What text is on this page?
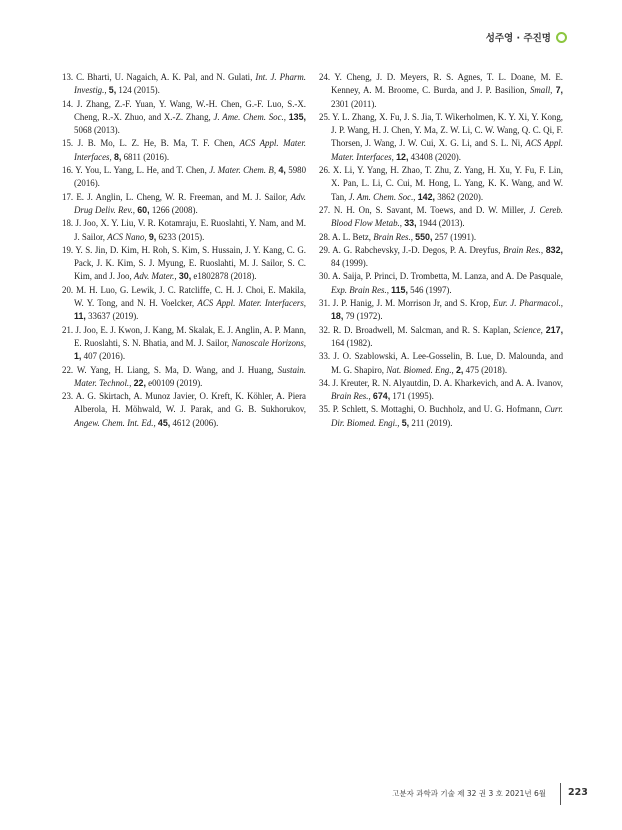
성주영 · 주진명
13. C. Bharti, U. Nagaich, A. K. Pal, and N. Gulati, Int. J. Pharm. Investig., 5, 124 (2015).
14. J. Zhang, Z.-F. Yuan, Y. Wang, W.-H. Chen, G.-F. Luo, S.-X. Cheng, R.-X. Zhuo, and X.-Z. Zhang, J. Ame. Chem. Soc., 135, 5068 (2013).
15. J. B. Mo, L. Z. He, B. Ma, T. F. Chen, ACS Appl. Mater. Interfaces, 8, 6811 (2016).
16. Y. You, L. Yang, L. He, and T. Chen, J. Mater. Chem. B, 4, 5980 (2016).
17. E. J. Anglin, L. Cheng, W. R. Freeman, and M. J. Sailor, Adv. Drug Deliv. Rev., 60, 1266 (2008).
18. J. Joo, X. Y. Liu, V. R. Kotamraju, E. Ruoslahti, Y. Nam, and M. J. Sailor, ACS Nano, 9, 6233 (2015).
19. Y. S. Jin, D. Kim, H. Roh, S. Kim, S. Hussain, J. Y. Kang, C. G. Pack, J. K. Kim, S. J. Myung, E. Ruoslahti, M. J. Sailor, S. C. Kim, and J. Joo, Adv. Mater., 30, e1802878 (2018).
20. M. H. Luo, G. Lewik, J. C. Ratcliffe, C. H. J. Choi, E. Makila, W. Y. Tong, and N. H. Voelcker, ACS Appl. Mater. Interfacers, 11, 33637 (2019).
21. J. Joo, E. J. Kwon, J. Kang, M. Skalak, E. J. Anglin, A. P. Mann, E. Ruoslahti, S. N. Bhatia, and M. J. Sailor, Nanoscale Horizons, 1, 407 (2016).
22. W. Yang, H. Liang, S. Ma, D. Wang, and J. Huang, Sustain. Mater. Technol., 22, e00109 (2019).
23. A. G. Skirtach, A. Munoz Javier, O. Kreft, K. Köhler, A. Piera Alberola, H. Möhwald, W. J. Parak, and G. B. Sukhorukov, Angew. Chem. Int. Ed., 45, 4612 (2006).
24. Y. Cheng, J. D. Meyers, R. S. Agnes, T. L. Doane, M. E. Kenney, A. M. Broome, C. Burda, and J. P. Basilion, Small, 7, 2301 (2011).
25. Y. L. Zhang, X. Fu, J. S. Jia, T. Wikerholmen, K. Y. Xi, Y. Kong, J. P. Wang, H. J. Chen, Y. Ma, Z. W. Li, C. W. Wang, Q. C. Qi, F. Thorsen, J. Wang, J. W. Cui, X. G. Li, and S. L. Ni, ACS Appl. Mater. Interfaces, 12, 43408 (2020).
26. X. Li, Y. Yang, H. Zhao, T. Zhu, Z. Yang, H. Xu, Y. Fu, F. Lin, X. Pan, L. Li, C. Cui, M. Hong, L. Yang, K. K. Wang, and W. Tan, J. Am. Chem. Soc., 142, 3862 (2020).
27. N. H. On, S. Savant, M. Toews, and D. W. Miller, J. Cereb. Blood Flow Metab., 33, 1944 (2013).
28. A. L. Betz, Brain Res., 550, 257 (1991).
29. A. G. Rabchevsky, J.-D. Degos, P. A. Dreyfus, Brain Res., 832, 84 (1999).
30. A. Saija, P. Princi, D. Trombetta, M. Lanza, and A. De Pasquale, Exp. Brain Res., 115, 546 (1997).
31. J. P. Hanig, J. M. Morrison Jr, and S. Krop, Eur. J. Pharmacol., 18, 79 (1972).
32. R. D. Broadwell, M. Salcman, and R. S. Kaplan, Science, 217, 164 (1982).
33. J. O. Szablowski, A. Lee-Gosselin, B. Lue, D. Malounda, and M. G. Shapiro, Nat. Biomed. Eng., 2, 475 (2018).
34. J. Kreuter, R. N. Alyautdin, D. A. Kharkevich, and A. A. Ivanov, Brain Res., 674, 171 (1995).
35. P. Schlett, S. Mottaghi, O. Buchholz, and U. G. Hofmann, Curr. Dir. Biomed. Engi., 5, 211 (2019).
고분자 과학과 기술 제 32 권 3 호 2021년 6월 223
